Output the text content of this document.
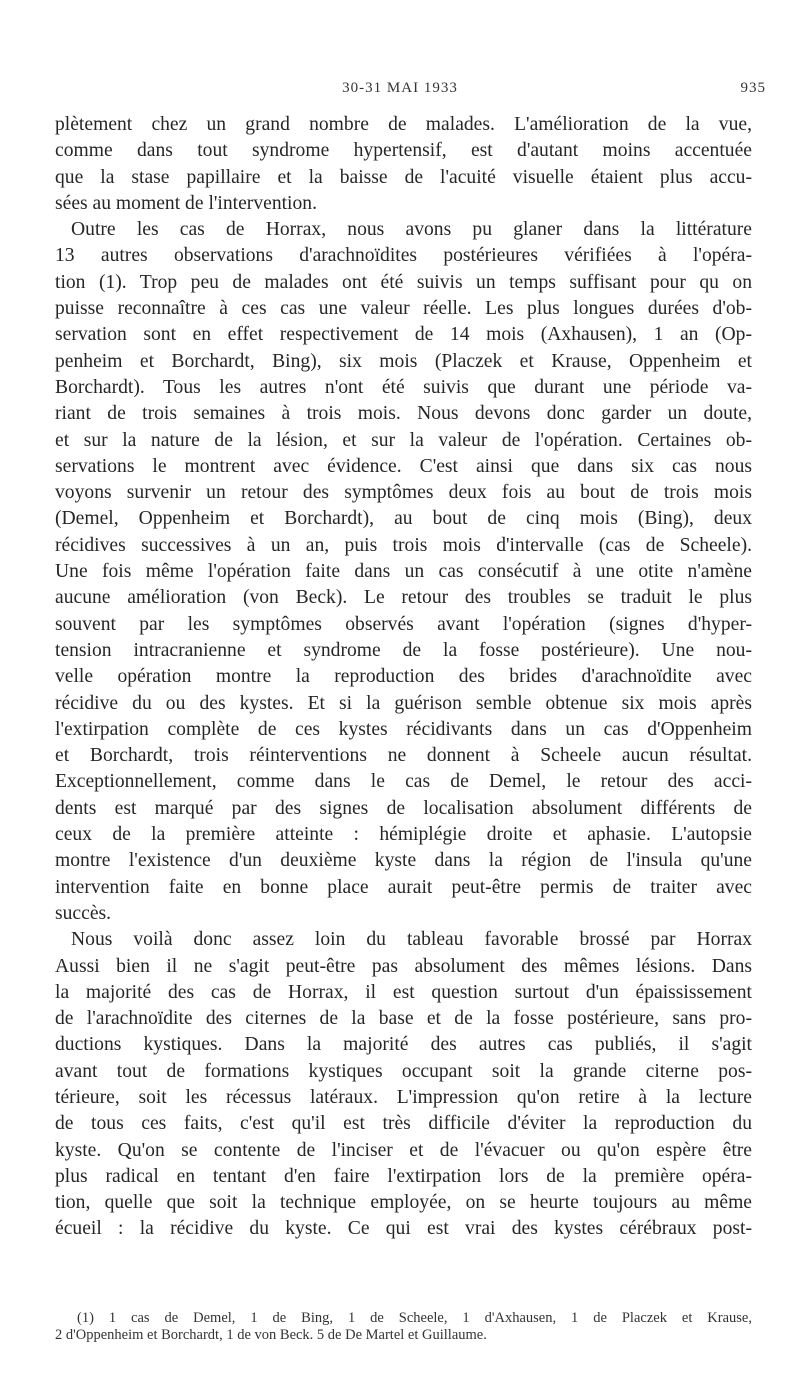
30-31 MAI 1933	935
plètement chez un grand nombre de malades. L'amélioration de la vue,
comme dans tout syndrome hypertensif, est d'autant moins accentuée
que la stase papillaire et la baisse de l'acuité visuelle étaient plus accu-
sées au moment de l'intervention.
Outre les cas de Horrax, nous avons pu glaner dans la littérature
13 autres observations d'arachnoïdites postérieures vérifiées à l'opéra-
tion (1). Trop peu de malades ont été suivis un temps suffisant pour qu on
puisse reconnaître à ces cas une valeur réelle. Les plus longues durées d'ob-
servation sont en effet respectivement de 14 mois (Axhausen), 1 an (Op-
penheim et Borchardt, Bing), six mois (Placzek et Krause, Oppenheim et
Borchardt). Tous les autres n'ont été suivis que durant une période va-
riant de trois semaines à trois mois. Nous devons donc garder un doute,
et sur la nature de la lésion, et sur la valeur de l'opération. Certaines ob-
servations le montrent avec évidence. C'est ainsi que dans six cas nous
voyons survenir un retour des symptômes deux fois au bout de trois mois
(Demel, Oppenheim et Borchardt), au bout de cinq mois (Bing), deux
récidives successives à un an, puis trois mois d'intervalle (cas de Scheele).
Une fois même l'opération faite dans un cas consécutif à une otite n'amène
aucune amélioration (von Beck). Le retour des troubles se traduit le plus
souvent par les symptômes observés avant l'opération (signes d'hyper-
tension intracranienne et syndrome de la fosse postérieure). Une nou-
velle opération montre la reproduction des brides d'arachnoïdite avec
récidive du ou des kystes. Et si la guérison semble obtenue six mois après
l'extirpation complète de ces kystes récidivants dans un cas d'Oppenheim
et Borchardt, trois réinterventions ne donnent à Scheele aucun résultat.
Exceptionnellement, comme dans le cas de Demel, le retour des acci-
dents est marqué par des signes de localisation absolument différents de
ceux de la première atteinte : hémiplégie droite et aphasie. L'autopsie
montre l'existence d'un deuxième kyste dans la région de l'insula qu'une
intervention faite en bonne place aurait peut-être permis de traiter avec
succès.
Nous voilà donc assez loin du tableau favorable brossé par Horrax
Aussi bien il ne s'agit peut-être pas absolument des mêmes lésions. Dans
la majorité des cas de Horrax, il est question surtout d'un épaississement
de l'arachnoïdite des citernes de la base et de la fosse postérieure, sans pro-
ductions kystiques. Dans la majorité des autres cas publiés, il s'agit
avant tout de formations kystiques occupant soit la grande citerne pos-
térieure, soit les récessus latéraux. L'impression qu'on retire à la lecture
de tous ces faits, c'est qu'il est très difficile d'éviter la reproduction du
kyste. Qu'on se contente de l'inciser et de l'évacuer ou qu'on espère être
plus radical en tentant d'en faire l'extirpation lors de la première opéra-
tion, quelle que soit la technique employée, on se heurte toujours au même
écueil : la récidive du kyste. Ce qui est vrai des kystes cérébraux post-
(1) 1 cas de Demel, 1 de Bing, 1 de Scheele, 1 d'Axhausen, 1 de Placzek et Krause,
2 d'Oppenheim et Borchardt, 1 de von Beck. 5 de De Martel et Guillaume.
